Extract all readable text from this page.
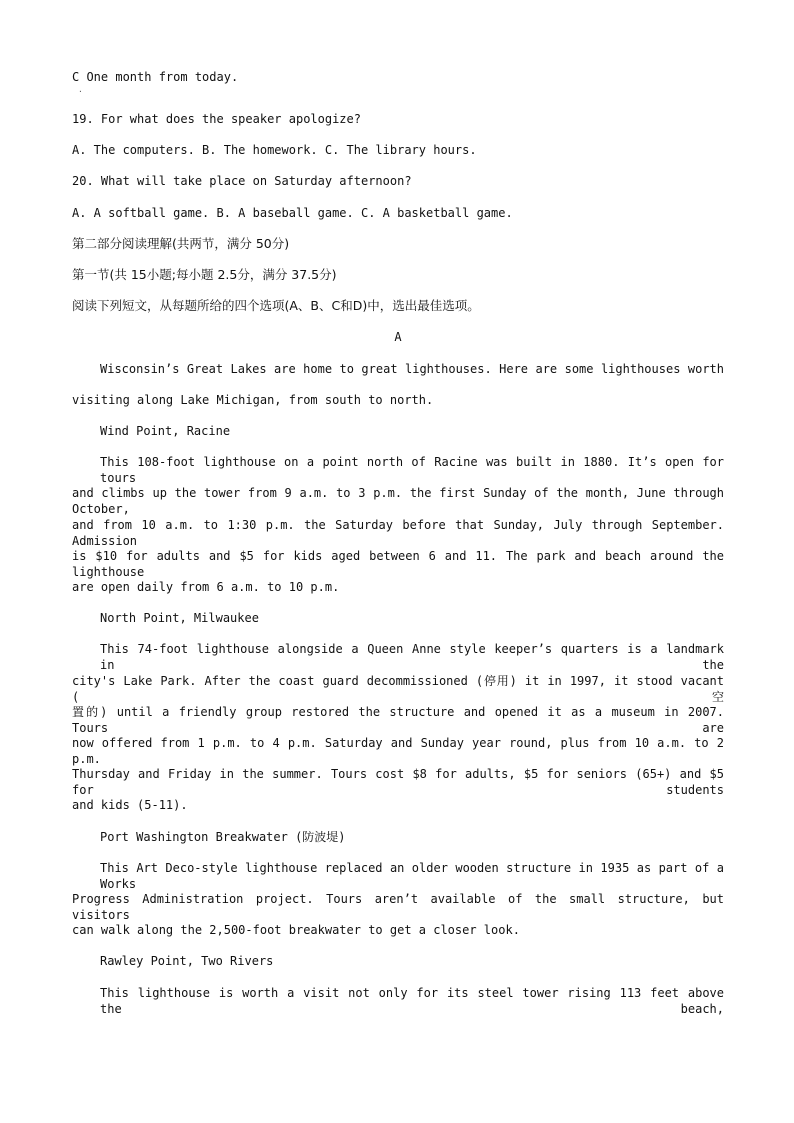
C One month from today.
·
19. For what does the speaker apologize?
A. The computers. B. The homework. C. The library hours.
20. What will take place on Saturday afternoon?
A. A softball game. B. A baseball game. C. A basketball game.
第二部分阅读理解(共两节，满分 50分)
第一节(共 15小题;每小题 2.5分，满分 37.5分)
阅读下列短文，从每题所给的四个选项(A、B、C和D)中，选出最佳选项。
A
Wisconsin’s Great Lakes are home to great lighthouses. Here are some lighthouses worth
visiting along Lake Michigan, from south to north.
Wind Point, Racine
This 108-foot lighthouse on a point north of Racine was built in 1880. It’s open for tours
and climbs up the tower from 9 a.m. to 3 p.m. the first Sunday of the month, June through October,
and from 10 a.m. to 1:30 p.m. the Saturday before that Sunday, July through September. Admission
is $10 for adults and $5 for kids aged between 6 and 11. The park and beach around the lighthouse
are open daily from 6 a.m. to 10 p.m.
North Point, Milwaukee
This 74-foot lighthouse alongside a Queen Anne style keeper’s quarters is a landmark in the
city's Lake Park. After the coast guard decommissioned (停用) it in 1997, it stood vacant (空
置的) until a friendly group restored the structure and opened it as a museum in 2007. Tours are
now offered from 1 p.m. to 4 p.m. Saturday and Sunday year round, plus from 10 a.m. to 2 p.m.
Thursday and Friday in the summer. Tours cost $8 for adults, $5 for seniors (65+) and $5 for students
and kids (5-11).
Port Washington Breakwater (防波堤)
This Art Deco-style lighthouse replaced an older wooden structure in 1935 as part of a Works
Progress Administration project. Tours aren’t available of the small structure, but visitors
can walk along the 2,500-foot breakwater to get a closer look.
Rawley Point, Two Rivers
This lighthouse is worth a visit not only for its steel tower rising 113 feet above the beach,
